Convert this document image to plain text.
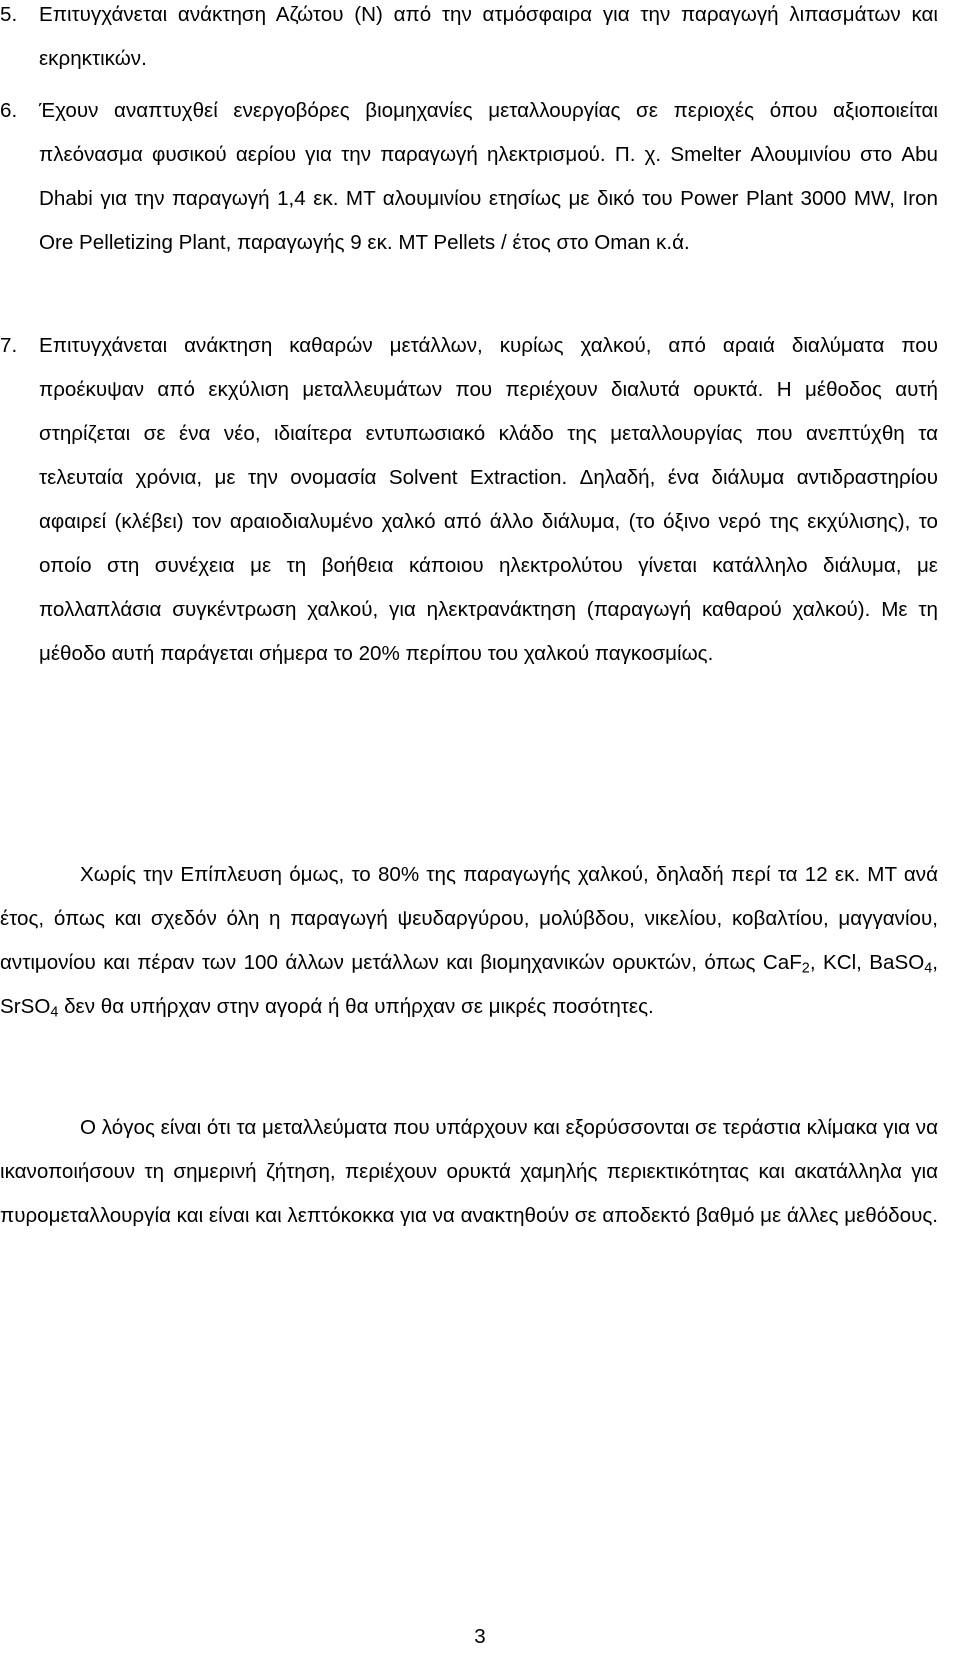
5. Επιτυγχάνεται ανάκτηση Αζώτου (Ν) από την ατμόσφαιρα για την παραγωγή λιπασμάτων και εκρηκτικών.
6. Έχουν αναπτυχθεί ενεργοβόρες βιομηχανίες μεταλλουργίας σε περιοχές όπου αξιοποιείται πλεόνασμα φυσικού αερίου για την παραγωγή ηλεκτρισμού. Π. χ. Smelter Αλουμινίου στο Abu Dhabi για την παραγωγή 1,4 εκ. ΜΤ αλουμινίου ετησίως με δικό του Power Plant 3000 MW, Iron Ore Pelletizing Plant, παραγωγής 9 εκ. ΜΤ Pellets / έτος στο Oman κ.ά.
7. Επιτυγχάνεται ανάκτηση καθαρών μετάλλων, κυρίως χαλκού, από αραιά διαλύματα που προέκυψαν από εκχύλιση μεταλλευμάτων που περιέχουν διαλυτά ορυκτά. Η μέθοδος αυτή στηρίζεται σε ένα νέο, ιδιαίτερα εντυπωσιακό κλάδο της μεταλλουργίας που ανεπτύχθη τα τελευταία χρόνια, με την ονομασία Solvent Extraction. Δηλαδή, ένα διάλυμα αντιδραστηρίου αφαιρεί (κλέβει) τον αραιοδιαλυμένο χαλκό από άλλο διάλυμα, (το όξινο νερό της εκχύλισης), το οποίο στη συνέχεια με τη βοήθεια κάποιου ηλεκτρολύτου γίνεται κατάλληλο διάλυμα, με πολλαπλάσια συγκέντρωση χαλκού, για ηλεκτρανάκτηση (παραγωγή καθαρού χαλκού). Με τη μέθοδο αυτή παράγεται σήμερα το 20% περίπου του χαλκού παγκοσμίως.
Χωρίς την Επίπλευση όμως, το 80% της παραγωγής χαλκού, δηλαδή περί τα 12 εκ. ΜΤ ανά έτος, όπως και σχεδόν όλη η παραγωγή ψευδαργύρου, μολύβδου, νικελίου, κοβαλτίου, μαγγανίου, αντιμονίου και πέραν των 100 άλλων μετάλλων και βιομηχανικών ορυκτών, όπως CaF$_2$, KCl, BaSO$_4$, SrSO$_4$ δεν θα υπήρχαν στην αγορά ή θα υπήρχαν σε μικρές ποσότητες.
Ο λόγος είναι ότι τα μεταλλεύματα που υπάρχουν και εξορύσσονται σε τεράστια κλίμακα για να ικανοποιήσουν τη σημερινή ζήτηση, περιέχουν ορυκτά χαμηλής περιεκτικότητας και ακατάλληλα για πυρομεταλλουργία και είναι και λεπτόκοκκα για να ανακτηθούν σε αποδεκτό βαθμό με άλλες μεθόδους.
3
